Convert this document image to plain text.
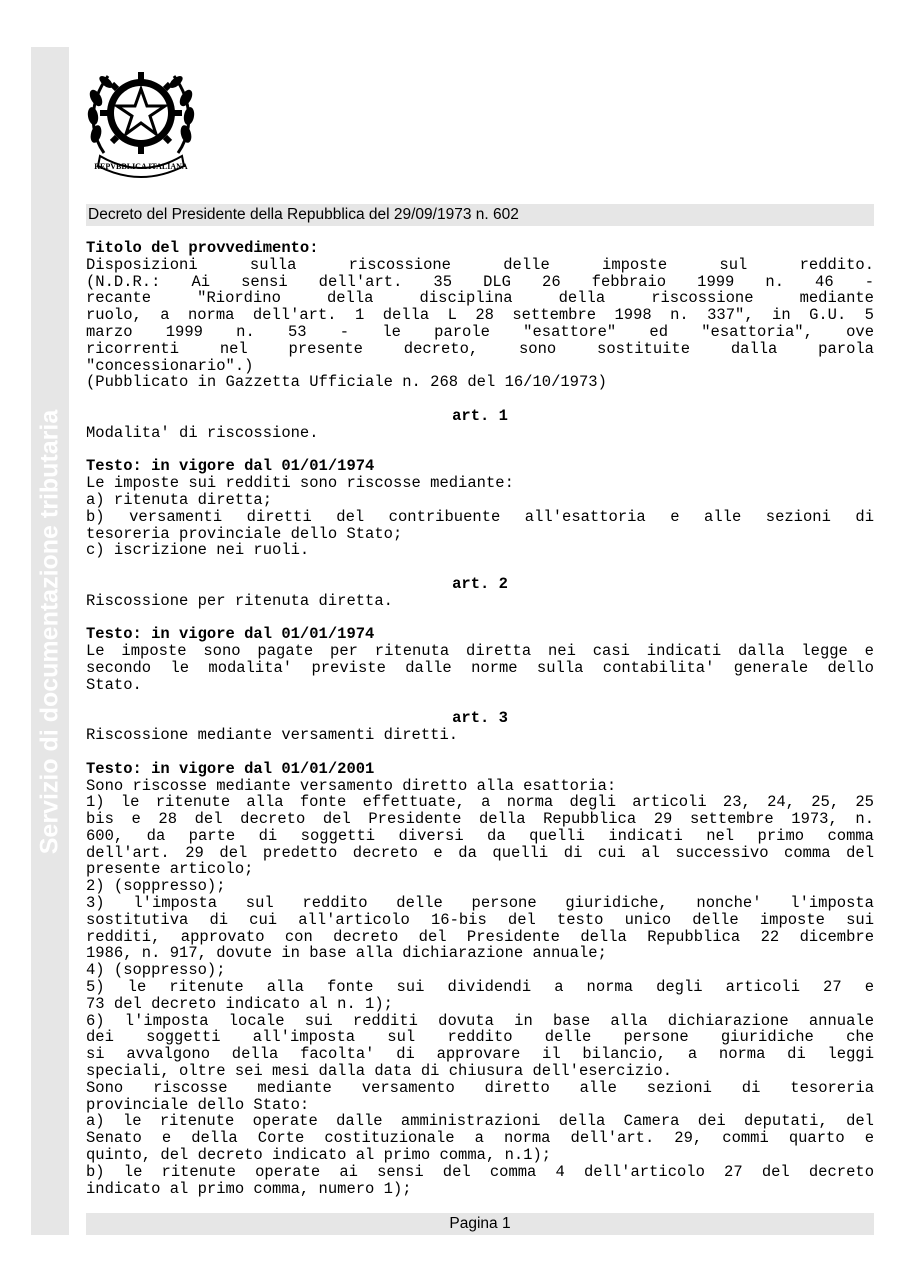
Servizio di documentazione tributaria
REPVBBLICA ITALIANA
Decreto del Presidente della Repubblica del 29/09/1973 n. 602

Titolo del provvedimento:

Disposizioni sulla riscossione delle imposte sul reddito.

(N.D.R.: Ai sensi dell'art. 35 DLG 26 febbraio 1999 n. 46 -

recante "Riordino della disciplina della riscossione mediante

ruolo, a norma dell'art. 1 della L 28 settembre 1998 n. 337", in G.U. 5

marzo 1999 n. 53 - le parole "esattore" ed "esattoria", ove

ricorrenti nel presente decreto, sono sostituite dalla parola

"concessionario".)

(Pubblicato in Gazzetta Ufficiale n. 268 del 16/10/1973)

art. 1

Modalita' di riscossione.

Testo: in vigore dal 01/01/1974

Le imposte sui redditi sono riscosse mediante:

a) ritenuta diretta;

b) versamenti diretti del contribuente all'esattoria e alle sezioni di

tesoreria provinciale dello Stato;

c) iscrizione nei ruoli.

art. 2

Riscossione per ritenuta diretta.

Testo: in vigore dal 01/01/1974

Le imposte sono pagate per ritenuta diretta nei casi indicati dalla legge e

secondo le modalita' previste dalle norme sulla contabilita' generale dello

Stato.

art. 3

Riscossione mediante versamenti diretti.

Testo: in vigore dal 01/01/2001

Sono riscosse mediante versamento diretto alla esattoria:

1) le ritenute alla fonte effettuate, a norma degli articoli 23, 24, 25, 25

bis e 28 del decreto del Presidente della Repubblica 29 settembre 1973, n.

600, da parte di soggetti diversi da quelli indicati nel primo comma

dell'art. 29 del predetto decreto e da quelli di cui al successivo comma del

presente articolo;

2) (soppresso);

3) l'imposta sul reddito delle persone giuridiche, nonche' l'imposta

sostitutiva di cui all'articolo 16-bis del testo unico delle imposte sui

redditi, approvato con decreto del Presidente della Repubblica 22 dicembre

1986, n. 917, dovute in base alla dichiarazione annuale;

4) (soppresso);

5) le ritenute alla fonte sui dividendi a norma degli articoli 27 e

73 del decreto indicato al n. 1);

6) l'imposta locale sui redditi dovuta in base alla dichiarazione annuale

dei soggetti all'imposta sul reddito delle persone giuridiche che

si avvalgono della facolta' di approvare il bilancio, a norma di leggi

speciali, oltre sei mesi dalla data di chiusura dell'esercizio.

Sono riscosse mediante versamento diretto alle sezioni di tesoreria

provinciale dello Stato:

a) le ritenute operate dalle amministrazioni della Camera dei deputati, del

Senato e della Corte costituzionale a norma dell'art. 29, commi quarto e

quinto, del decreto indicato al primo comma, n.1);

b) le ritenute operate ai sensi del comma 4 dell'articolo 27 del decreto

indicato al primo comma, numero 1);

Pagina 1
